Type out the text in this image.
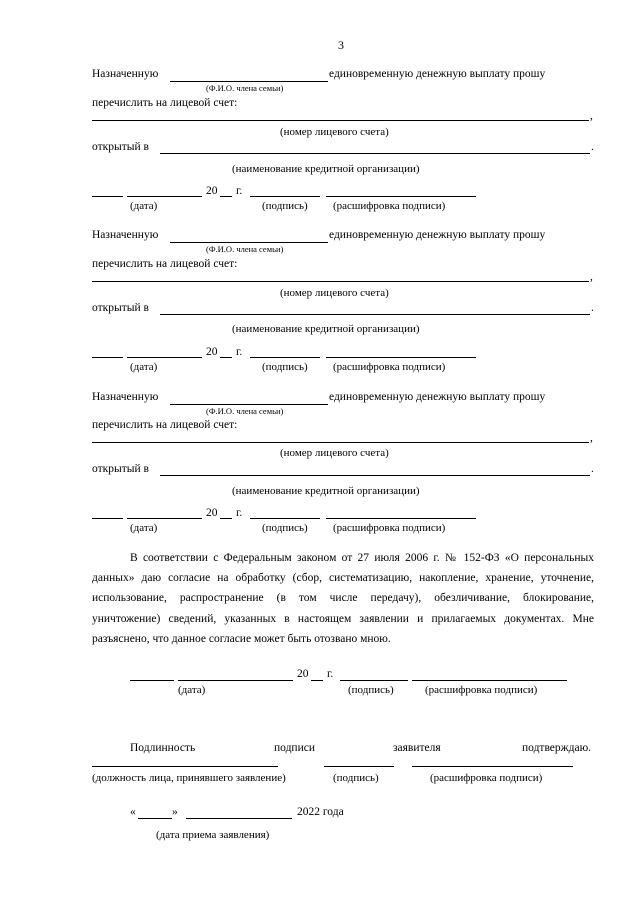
3
Назначенную	единовременную денежную выплату прошу
(Ф.И.О. члена семьи)
перечислить на лицевой счет:
,
(номер лицевого счета)
открытый в	.
(наименование кредитной организации)
20 г.
(дата)	(подпись) (расшифровка подписи)
Назначенную	единовременную денежную выплату прошу
(Ф.И.О. члена семьи)
перечислить на лицевой счет:
,
(номер лицевого счета)
открытый в	.
(наименование кредитной организации)
20 г.
(дата)	(подпись) (расшифровка подписи)
Назначенную	единовременную денежную выплату прошу
(Ф.И.О. члена семьи)
перечислить на лицевой счет:
,
(номер лицевого счета)
открытый в	.
(наименование кредитной организации)
20 г.
(дата)	(подпись) (расшифровка подписи)
В соответствии с Федеральным законом от 27 июля 2006 г. № 152-ФЗ «О персональных данных» даю согласие на обработку (сбор, систематизацию, накопление, хранение, уточнение, использование, распространение (в том числе передачу), обезличивание, блокирование, уничтожение) сведений, указанных в настоящем заявлении и прилагаемых документах. Мне разъяснено, что данное согласие может быть отозвано мною.
20 г.
(дата)	(подпись)	(расшифровка подписи)
Подлинность	подписи	заявителя	подтверждаю.
(должность лица, принявшего заявление)	(подпись)	(расшифровка подписи)
«	»	2022 года
(дата приема заявления)
